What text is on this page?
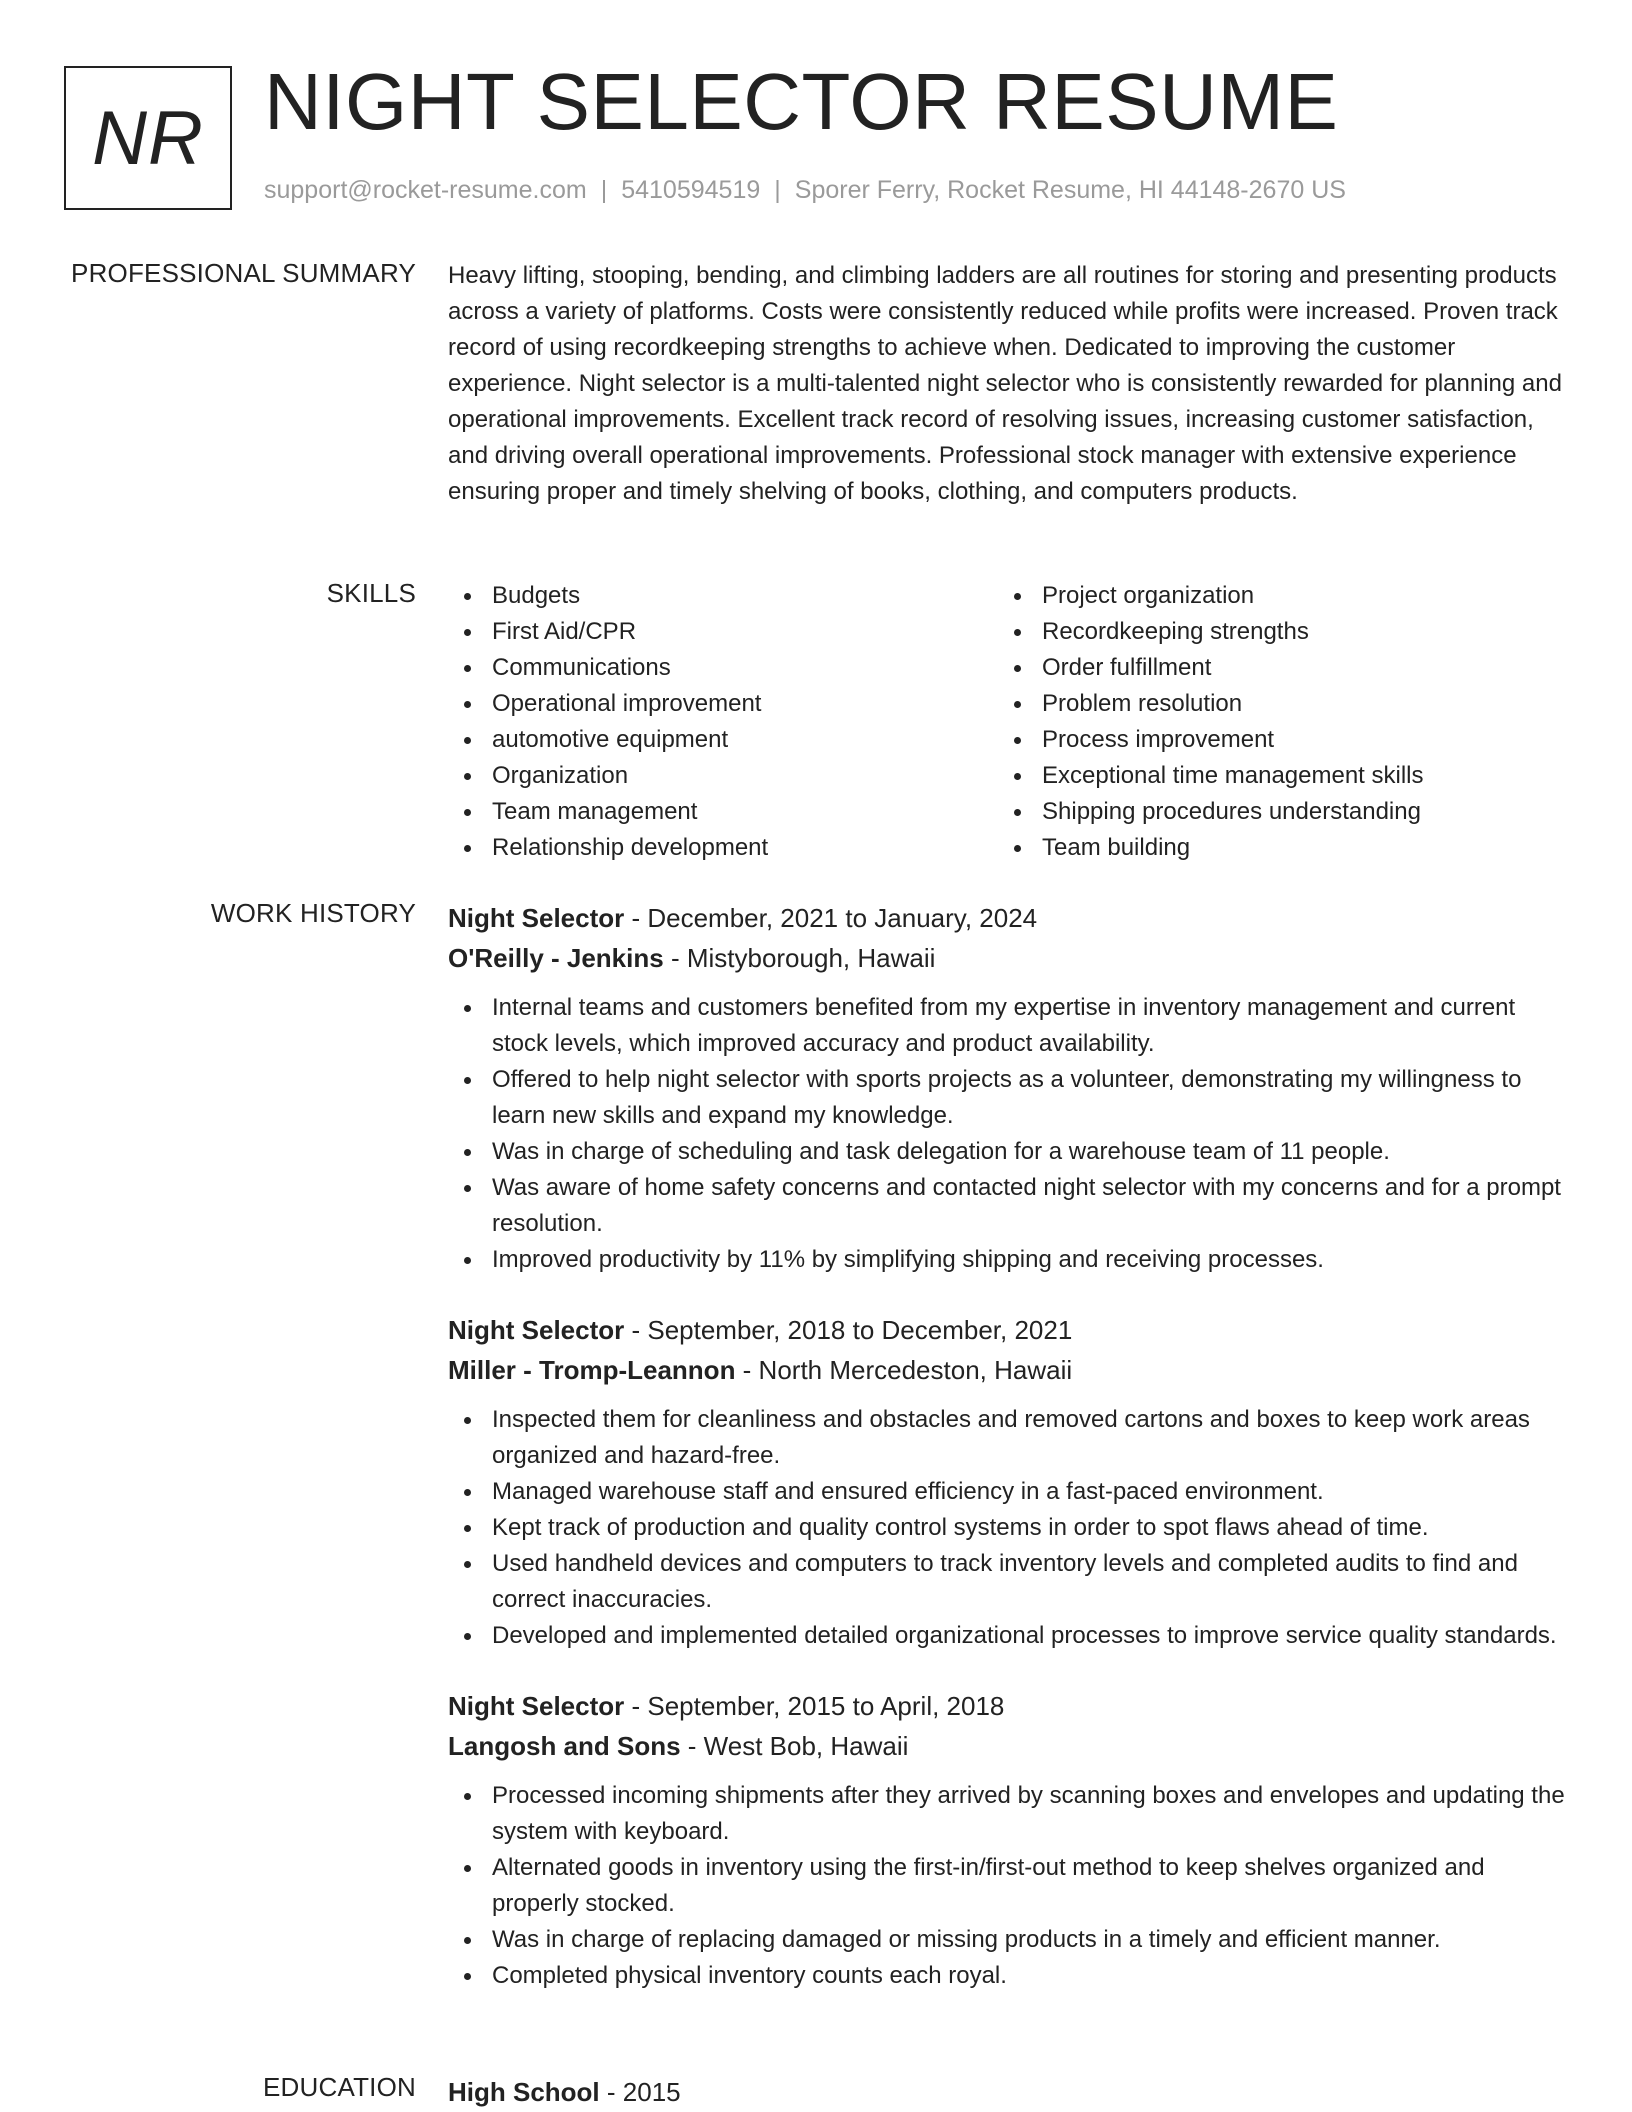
NR NIGHT SELECTOR RESUME
support@rocket-resume.com | 5410594519 | Sporer Ferry, Rocket Resume, HI 44148-2670 US
PROFESSIONAL SUMMARY Heavy lifting, stooping, bending, and climbing ladders are all routines for storing and presenting products across a variety of platforms. Costs were consistently reduced while profits were increased. Proven track record of using recordkeeping strengths to achieve when. Dedicated to improving the customer experience. Night selector is a multi-talented night selector who is consistently rewarded for planning and operational improvements. Excellent track record of resolving issues, increasing customer satisfaction, and driving overall operational improvements. Professional stock manager with extensive experience ensuring proper and timely shelving of books, clothing, and computers products.

SKILLS	Budgets
First Aid/CPR
Communications
Operational improvement
automotive equipment
Organization
Team management
Relationship development
Project organization
Recordkeeping strengths
Order fulfillment
Problem resolution
Process improvement
Exceptional time management skills
Shipping procedures understanding
Team building
WORK HISTORY Night Selector - December, 2021 to January, 2024
O'Reilly - Jenkins - Mistyborough, Hawaii
Internal teams and customers benefited from my expertise in inventory management and current stock levels, which improved accuracy and product availability.
Offered to help night selector with sports projects as a volunteer, demonstrating my willingness to learn new skills and expand my knowledge.
Was in charge of scheduling and task delegation for a warehouse team of 11 people.
Was aware of home safety concerns and contacted night selector with my concerns and for a prompt resolution.
Improved productivity by 11% by simplifying shipping and receiving processes.
Night Selector - September, 2018 to December, 2021
Miller - Tromp-Leannon - North Mercedeston, Hawaii
Inspected them for cleanliness and obstacles and removed cartons and boxes to keep work areas organized and hazard-free.
Managed warehouse staff and ensured efficiency in a fast-paced environment.
Kept track of production and quality control systems in order to spot flaws ahead of time.
Used handheld devices and computers to track inventory levels and completed audits to find and correct inaccuracies.
Developed and implemented detailed organizational processes to improve service quality standards.
Night Selector - September, 2015 to April, 2018
Langosh and Sons - West Bob, Hawaii
Processed incoming shipments after they arrived by scanning boxes and envelopes and updating the system with keyboard.
Alternated goods in inventory using the first-in/first-out method to keep shelves organized and properly stocked.
Was in charge of replacing damaged or missing products in a timely and efficient manner.
Completed physical inventory counts each royal.
EDUCATION High School - 2015
